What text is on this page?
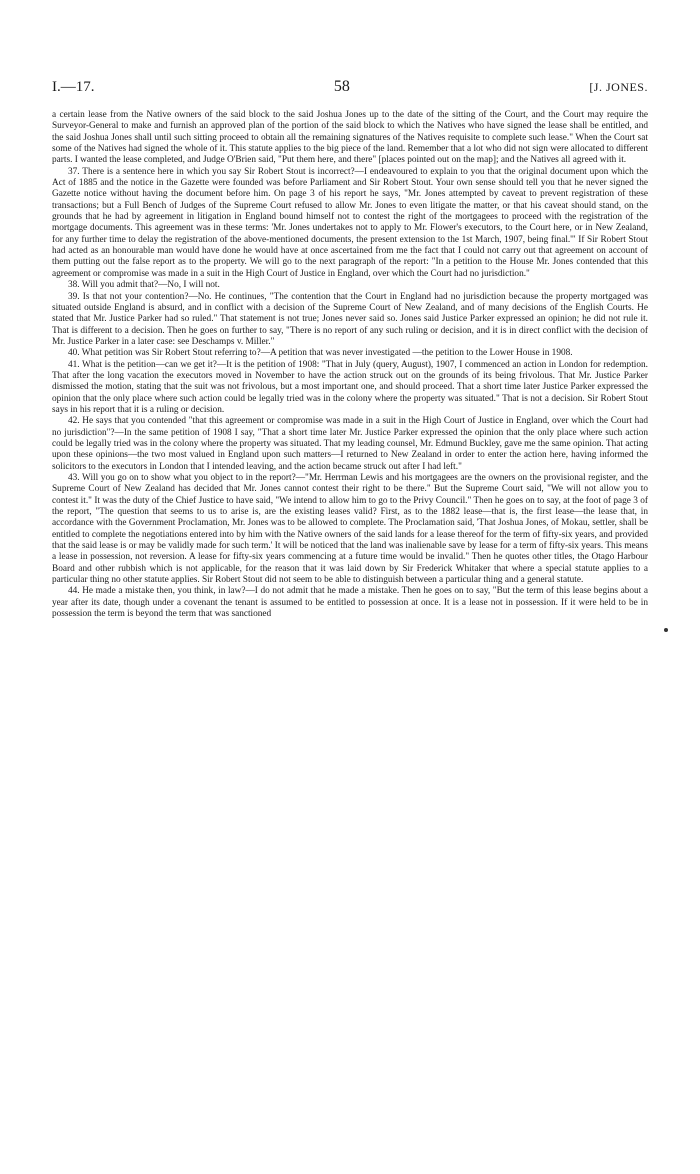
I.—17.	58	[J. JONES.

a certain lease from the Native owners of the said block to the said Joshua Jones up to the date of the sitting of the Court, and the Court may require the Surveyor-General to make and furnish an approved plan of the portion of the said block to which the Natives who have signed the lease shall be entitled, and the said Joshua Jones shall until such sitting proceed to obtain all the remaining signatures of the Natives requisite to complete such lease." When the Court sat some of the Natives had signed the whole of it. This statute applies to the big piece of the land. Remember that a lot who did not sign were allocated to different parts. I wanted the lease completed, and Judge O'Brien said, "Put them here, and there" [places pointed out on the map]; and the Natives all agreed with it.

37. There is a sentence here in which you say Sir Robert Stout is incorrect?—I endeavoured to explain to you that the original document upon which the Act of 1885 and the notice in the Gazette were founded was before Parliament and Sir Robert Stout. Your own sense should tell you that he never signed the Gazette notice without having the document before him. On page 3 of his report he says, "Mr. Jones attempted by caveat to prevent registration of these transactions; but a Full Bench of Judges of the Supreme Court refused to allow Mr. Jones to even litigate the matter, or that his caveat should stand, on the grounds that he had by agreement in litigation in England bound himself not to contest the right of the mortgagees to proceed with the registration of the mortgage documents. This agreement was in these terms: 'Mr. Jones undertakes not to apply to Mr. Flower's executors, to the Court here, or in New Zealand, for any further time to delay the registration of the above-mentioned documents, the present extension to the 1st March, 1907, being final.'" If Sir Robert Stout had acted as an honourable man would have done he would have at once ascertained from me the fact that I could not carry out that agreement on account of them putting out the false report as to the property. We will go to the next paragraph of the report: "In a petition to the House Mr. Jones contended that this agreement or compromise was made in a suit in the High Court of Justice in England, over which the Court had no jurisdiction."

38. Will you admit that?—No, I will not.

39. Is that not your contention?—No. He continues, "The contention that the Court in England had no jurisdiction because the property mortgaged was situated outside England is absurd, and in conflict with a decision of the Supreme Court of New Zealand, and of many decisions of the English Courts. He stated that Mr. Justice Parker had so ruled." That statement is not true; Jones never said so. Jones said Justice Parker expressed an opinion; he did not rule it. That is different to a decision. Then he goes on further to say, "There is no report of any such ruling or decision, and it is in direct conflict with the decision of Mr. Justice Parker in a later case: see Deschamps v. Miller."

40. What petition was Sir Robert Stout referring to?—A petition that was never investigated —the petition to the Lower House in 1908.

41. What is the petition—can we get it?—It is the petition of 1908: "That in July (query, August), 1907, I commenced an action in London for redemption. That after the long vacation the executors moved in November to have the action struck out on the grounds of its being frivolous. That Mr. Justice Parker dismissed the motion, stating that the suit was not frivolous, but a most important one, and should proceed. That a short time later Justice Parker expressed the opinion that the only place where such action could be legally tried was in the colony where the property was situated." That is not a decision. Sir Robert Stout says in his report that it is a ruling or decision.

42. He says that you contended "that this agreement or compromise was made in a suit in the High Court of Justice in England, over which the Court had no jurisdiction"?—In the same petition of 1908 I say, "That a short time later Mr. Justice Parker expressed the opinion that the only place where such action could be legally tried was in the colony where the property was situated. That my leading counsel, Mr. Edmund Buckley, gave me the same opinion. That acting upon these opinions—the two most valued in England upon such matters—I returned to New Zealand in order to enter the action here, having informed the solicitors to the executors in London that I intended leaving, and the action became struck out after I had left."

43. Will you go on to show what you object to in the report?—"Mr. Herrman Lewis and his mortgagees are the owners on the provisional register, and the Supreme Court of New Zealand has decided that Mr. Jones cannot contest their right to be there." But the Supreme Court said, "We will not allow you to contest it." It was the duty of the Chief Justice to have said, "We intend to allow him to go to the Privy Council." Then he goes on to say, at the foot of page 3 of the report, "The question that seems to us to arise is, are the existing leases valid? First, as to the 1882 lease—that is, the first lease—the lease that, in accordance with the Government Proclamation, Mr. Jones was to be allowed to complete. The Proclamation said, 'That Joshua Jones, of Mokau, settler, shall be entitled to complete the negotiations entered into by him with the Native owners of the said lands for a lease thereof for the term of fifty-six years, and provided that the said lease is or may be validly made for such term.' It will be noticed that the land was inalienable save by lease for a term of fifty-six years. This means a lease in possession, not reversion. A lease for fifty-six years commencing at a future time would be invalid." Then he quotes other titles, the Otago Harbour Board and other rubbish which is not applicable, for the reason that it was laid down by Sir Frederick Whitaker that where a special statute applies to a particular thing no other statute applies. Sir Robert Stout did not seem to be able to distinguish between a particular thing and a general statute.

44. He made a mistake then, you think, in law?—I do not admit that he made a mistake. Then he goes on to say, "But the term of this lease begins about a year after its date, though under a covenant the tenant is assumed to be entitled to possession at once. It is a lease not in possession. If it were held to be in possession the term is beyond the term that was sanctioned
